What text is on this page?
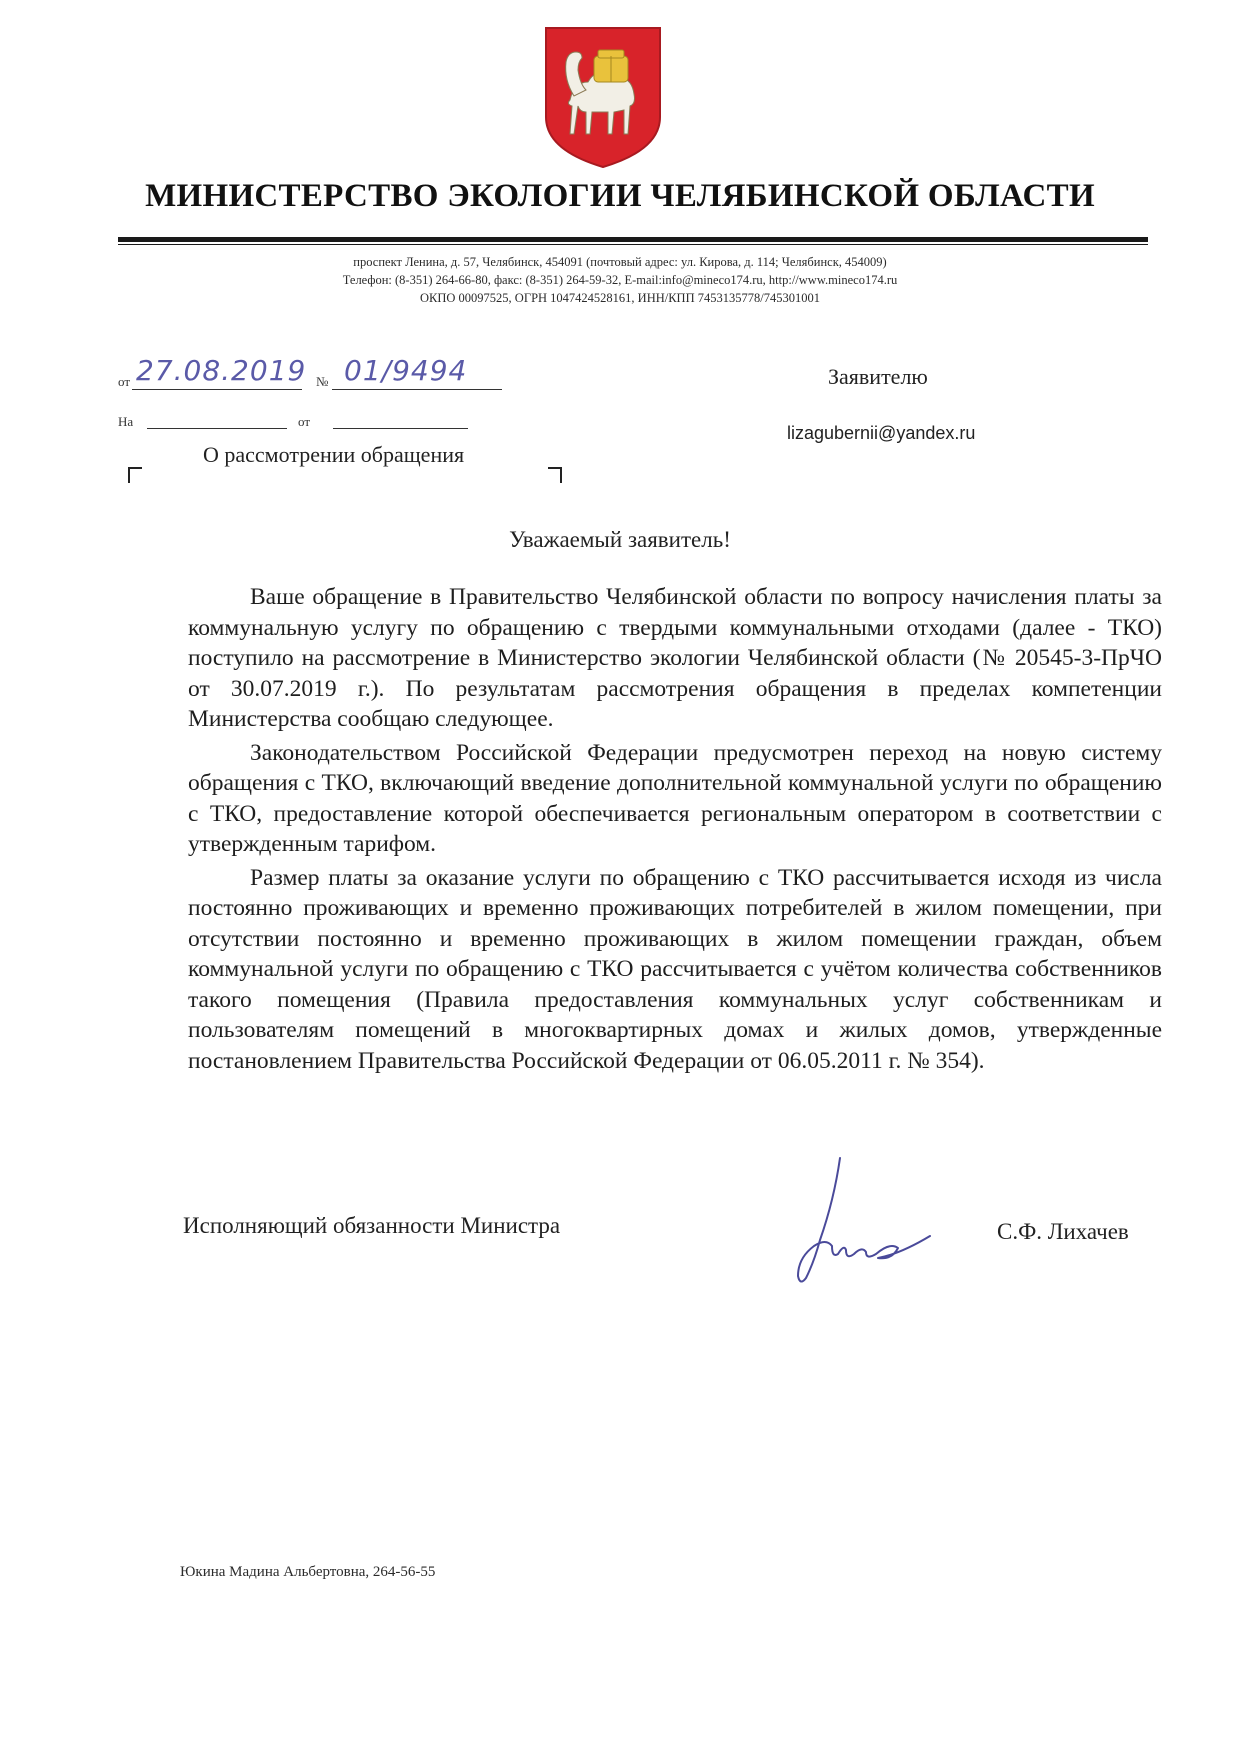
МИНИСТЕРСТВО ЭКОЛОГИИ ЧЕЛЯБИНСКОЙ ОБЛАСТИ
проспект Ленина, д. 57, Челябинск, 454091 (почтовый адрес: ул. Кирова, д. 114; Челябинск, 454009)
Телефон: (8-351) 264-66-80, факс: (8-351) 264-59-32, E-mail:info@mineco174.ru, http://www.mineco174.ru
ОКПО 00097525, ОГРН 1047424528161, ИНН/КПП 7453135778/745301001
от 27.08.2019 № 01/9494
На	от
О рассмотрении обращения
Заявителю
lizagubernii@yandex.ru
Уважаемый заявитель!

Ваше обращение в Правительство Челябинской области по вопросу начисления платы за коммунальную услугу по обращению с твердыми коммунальными отходами (далее - ТКО) поступило на рассмотрение в Министерство экологии Челябинской области (№ 20545-3-ПрЧО от 30.07.2019 г.). По результатам рассмотрения обращения в пределах компетенции Министерства сообщаю следующее.

Законодательством Российской Федерации предусмотрен переход на новую систему обращения с ТКО, включающий введение дополнительной коммунальной услуги по обращению с ТКО, предоставление которой обеспечивается региональным оператором в соответствии с утвержденным тарифом.

Размер платы за оказание услуги по обращению с ТКО рассчитывается исходя из числа постоянно проживающих и временно проживающих потребителей в жилом помещении, при отсутствии постоянно и временно проживающих в жилом помещении граждан, объем коммунальной услуги по обращению с ТКО рассчитывается с учётом количества собственников такого помещения (Правила предоставления коммунальных услуг собственникам и пользователям помещений в многоквартирных домах и жилых домов, утвержденные постановлением Правительства Российской Федерации от 06.05.2011 г. № 354).

Исполняющий обязанности Министра	С.Ф. Лихачев
Юкина Мадина Альбертовна, 264-56-55
